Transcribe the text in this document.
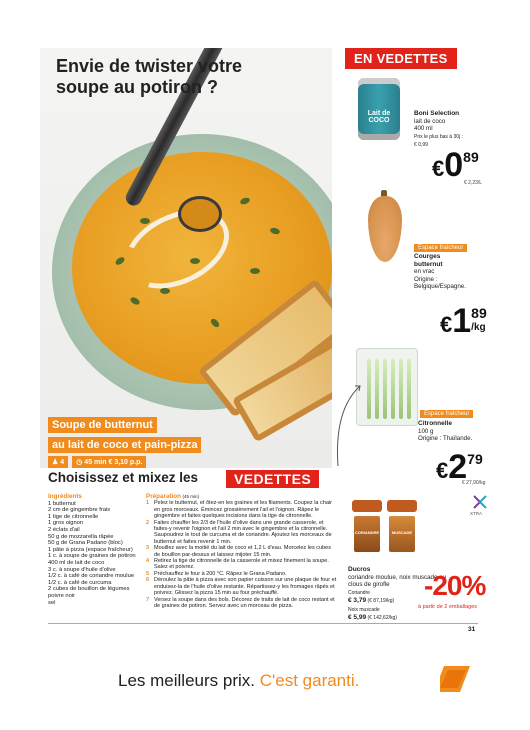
Envie de twister votre
soupe au potiron ?
Soupe de butternut
au lait de coco et pain-pizza
♟ 4 ◷ 45 min € 3,10 p.p.
EN VEDETTES
Lait de COCO
Boni Selection
lait de coco
400 ml
Prix le plus bas à 30j :
€ 0,99
€089
€ 2,23/L
Espace fraîcheur
Courges
butternut
en vrac
Origine :
Belgique/Espagne.
€189
/kg
Espace fraîcheur
Citronnelle
100 g
Origine : Thaïlande.
€279
€ 27,90/kg
XTRA
Choisissez et mixez les	VEDETTES
Ingrédients
1 butternut
2 cm de gingembre frais
1 tige de citronnelle
1 gros oignon
2 éclats d'ail
50 g de mozzarella râpée
50 g de Grana Padano (bloc)
1 pâte à pizza (espace fraîcheur)
1 c. à soupe de graines de potiron
400 ml de lait de coco
3 c. à soupe d'huile d'olive
1/2 c. à café de coriandre moulue
1/2 c. à café de curcuma
2 cubes de bouillon de légumes
poivre noir
sel
Préparation (45 min)
1 Pelez le butternut, et ôtez-en les graines et les filaments. Coupez la chair en gros morceaux. Émincez grossièrement l'ail et l'oignon. Râpez le gingembre et faites quelques incisions dans la tige de citronnelle.
2 Faites chauffer les 2/3 de l'huile d'olive dans une grande casserole, et faites-y revenir l'oignon et l'ail 2 min avec le gingembre et la citronnelle. Saupoudrez le tout de curcuma et de coriandre. Ajoutez les morceaux de butternut et faites revenir 1 min.
3 Mouillez avec la moitié du lait de coco et 1,2 L d'eau. Morcelez les cubes de bouillon par-dessus et laissez mijoter 15 min.
4 Retirez la tige de citronnelle de la casserole et mixez finement la soupe. Salez et poivrez.
5 Préchauffez le four à 200 °C. Râpez le Grana Padano.
6 Déroulez la pâte à pizza avec son papier cuisson sur une plaque de four et enduisez-la de l'huile d'olive restante. Répartissez-y les fromages râpés et poivrez. Glissez la pizza 15 min au four préchauffé.
7 Versez la soupe dans des bols. Décorez de traits de lait de coco restant et de graines de potiron. Servez avec un morceau de pizza.
CORIANDRE	MUSCADE
Ducros
coriandre moulue, noix muscade ou
clous de girofle
Coriandre
€ 3,79 (€ 87,19/kg)
Noix muscade
€ 5,99 (€ 142,62/kg)
-20%
à partir de 2 emballages
31
Les meilleurs prix. C'est garanti.
